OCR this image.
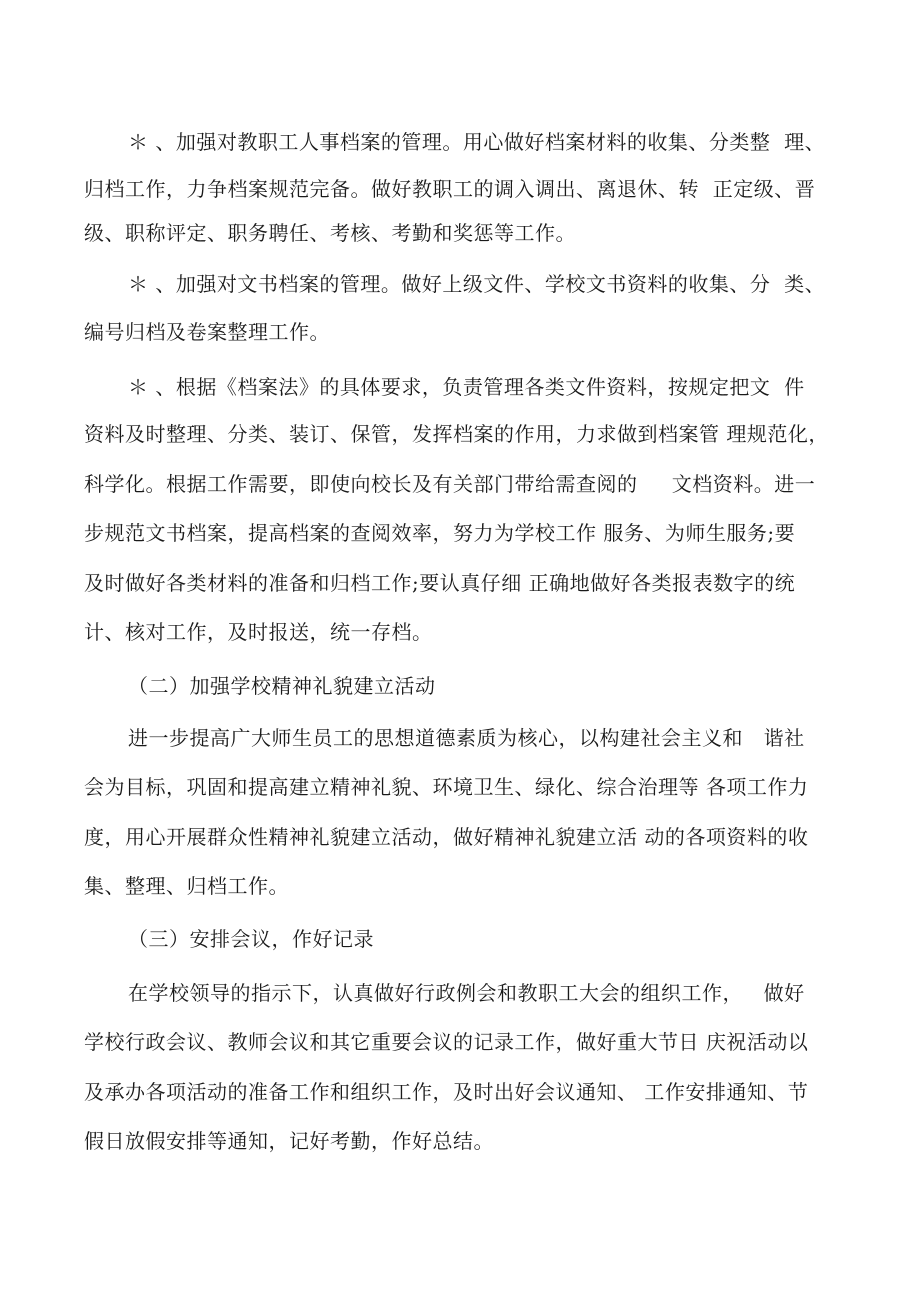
＊ 、加强对教职工人事档案的管理。用心做好档案材料的收集、分类整  理、
归档工作，力争档案规范完备。做好教职工的调入调出、离退休、转  正定级、晋
级、职称评定、职务聘任、考核、考勤和奖惩等工作。
＊ 、加强对文书档案的管理。做好上级文件、学校文书资料的收集、分  类、
编号归档及卷案整理工作。
＊ 、根据《档案法》的具体要求，负责管理各类文件资料，按规定把文  件
资料及时整理、分类、装订、保管，发挥档案的作用，力求做到档案管 理规范化，
科学化。根据工作需要，即使向校长及有关部门带给需查阅的     文档资料。进一
步规范文书档案，提高档案的查阅效率，努力为学校工作 服务、为师生服务;要
及时做好各类材料的准备和归档工作;要认真仔细 正确地做好各类报表数字的统
计、核对工作，及时报送，统一存档。
（二）加强学校精神礼貌建立活动
进一步提高广大师生员工的思想道德素质为核心，以构建社会主义和   谐社
会为目标，巩固和提高建立精神礼貌、环境卫生、绿化、综合治理等 各项工作力
度，用心开展群众性精神礼貌建立活动，做好精神礼貌建立活 动的各项资料的收
集、整理、归档工作。
（三）安排会议，作好记录
在学校领导的指示下，认真做好行政例会和教职工大会的组织工作，   做好
学校行政会议、教师会议和其它重要会议的记录工作，做好重大节日 庆祝活动以
及承办各项活动的准备工作和组织工作，及时出好会议通知、 工作安排通知、节
假日放假安排等通知，记好考勤，作好总结。
